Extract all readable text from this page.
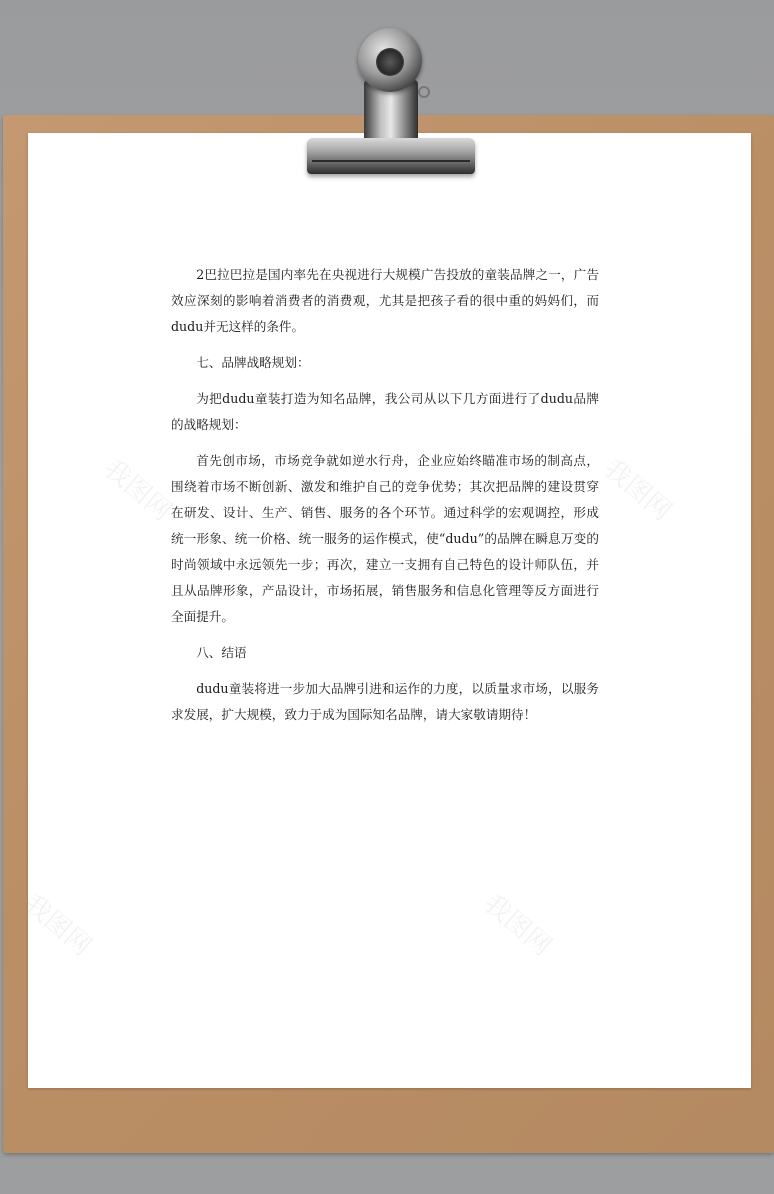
我图网	我图网
我图网	我图网

2巴拉巴拉是国内率先在央视进行大规模广告投放的童装品牌之一，广告效应深刻的影响着消费者的消费观，尤其是把孩子看的很中重的妈妈们，而dudu并无这样的条件。

七、品牌战略规划：

为把dudu童装打造为知名品牌，我公司从以下几方面进行了dudu品牌的战略规划：

首先创市场，市场竞争就如逆水行舟，企业应始终瞄准市场的制高点，围绕着市场不断创新、激发和维护自己的竞争优势；其次把品牌的建设贯穿在研发、设计、生产、销售、服务的各个环节。通过科学的宏观调控，形成统一形象、统一价格、统一服务的运作模式，使“dudu”的品牌在瞬息万变的时尚领域中永远领先一步；再次，建立一支拥有自己特色的设计师队伍，并且从品牌形象，产品设计，市场拓展，销售服务和信息化管理等反方面进行全面提升。

八、结语

dudu童装将进一步加大品牌引进和运作的力度，以质量求市场，以服务求发展，扩大规模，致力于成为国际知名品牌，请大家敬请期待！
